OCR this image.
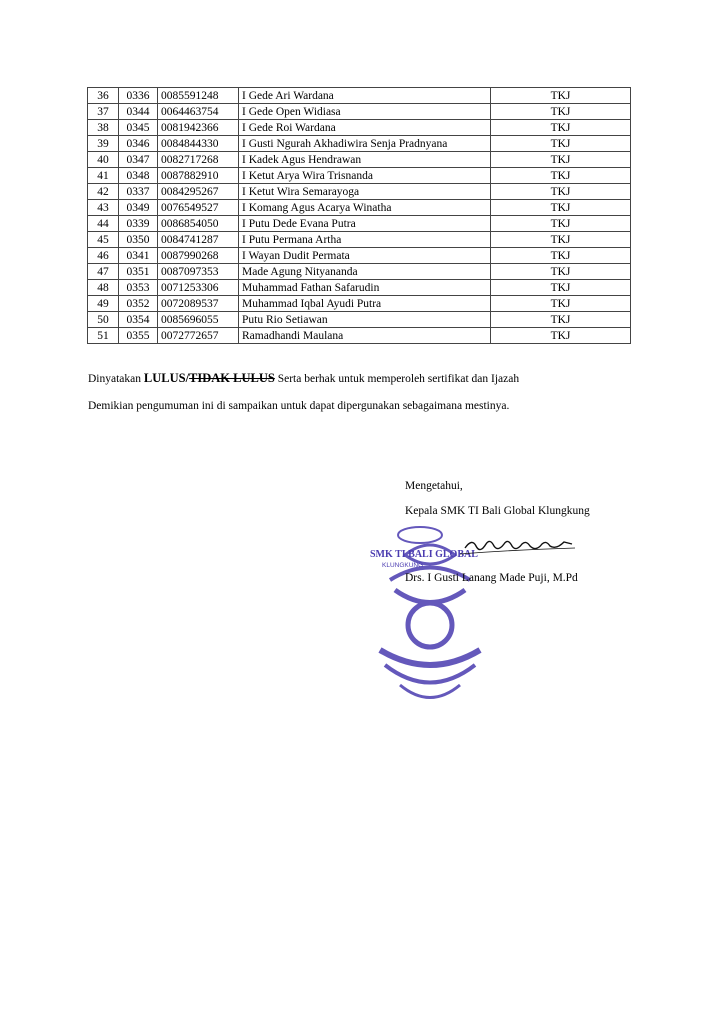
36	0336	0085591248	I Gede Ari Wardana	TKJ
37	0344	0064463754	I Gede Open Widiasa	TKJ
38	0345	0081942366	I Gede Roi Wardana	TKJ
39	0346	0084844330	I Gusti Ngurah Akhadiwira Senja Pradnyana	TKJ
40	0347	0082717268	I Kadek Agus Hendrawan	TKJ
41	0348	0087882910	I Ketut Arya Wira Trisnanda	TKJ
42	0337	0084295267	I Ketut Wira Semarayoga	TKJ
43	0349	0076549527	I Komang Agus Acarya Winatha	TKJ
44	0339	0086854050	I Putu Dede Evana Putra	TKJ
45	0350	0084741287	I Putu Permana Artha	TKJ
46	0341	0087990268	I Wayan Dudit Permata	TKJ
47	0351	0087097353	Made Agung Nityananda	TKJ
48	0353	0071253306	Muhammad Fathan Safarudin	TKJ
49	0352	0072089537	Muhammad Iqbal Ayudi Putra	TKJ
50	0354	0085696055	Putu Rio Setiawan	TKJ
51	0355	0072772657	Ramadhandi Maulana	TKJ
Dinyatakan LULUS/TIDAK LULUS Serta berhak untuk memperoleh sertifikat dan Ijazah
Demikian pengumuman ini di sampaikan untuk dapat dipergunakan sebagaimana mestinya.
SMK TI BALI GLOBAL
KLUNGKUNG
Mengetahui,
Kepala SMK TI Bali Global Klungkung
Drs. I Gusti Lanang Made Puji, M.Pd
